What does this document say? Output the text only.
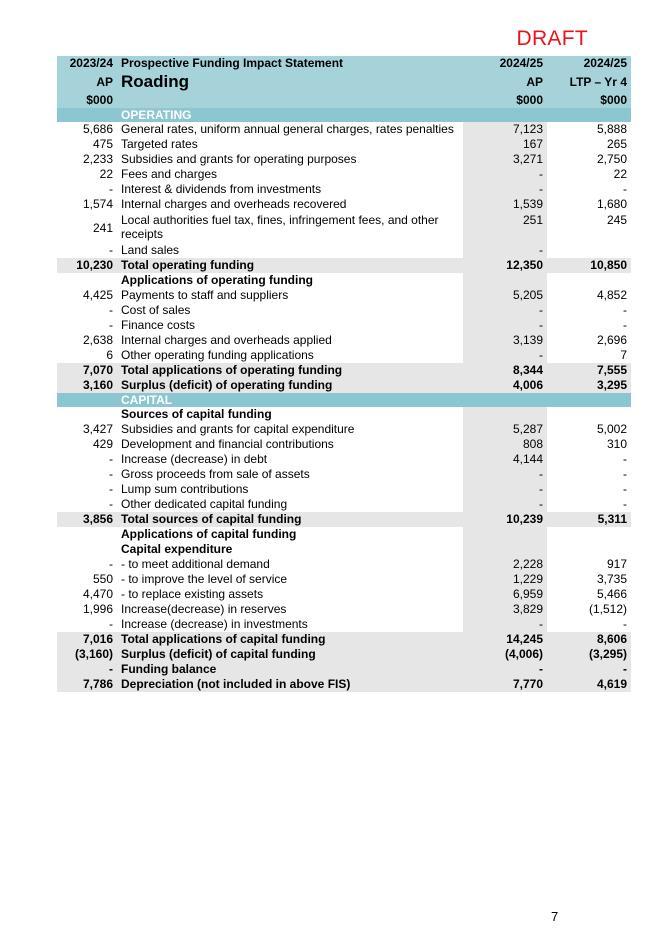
DRAFT
2023/24	Prospective Funding Impact Statement	2024/25	2024/25
AP	Roading	AP	LTP – Yr 4
$000		$000	$000
	OPERATING		
5,686	General rates, uniform annual general charges, rates penalties	7,123	5,888
475	Targeted rates	167	265
2,233	Subsidies and grants for operating purposes	3,271	2,750
22	Fees and charges	-	22
-	Interest & dividends from investments	-	-
1,574	Internal charges and overheads recovered	1,539	1,680
241	Local authorities fuel tax, fines, infringement fees, and other receipts	251	245
-	Land sales	-	
10,230	Total operating funding	12,350	10,850
	Applications of operating funding		
4,425	Payments to staff and suppliers	5,205	4,852
-	Cost of sales	-	-
-	Finance costs	-	-
2,638	Internal charges and overheads applied	3,139	2,696
6	Other operating funding applications	-	7
7,070	Total applications of operating funding	8,344	7,555
3,160	Surplus (deficit) of operating funding	4,006	3,295
	CAPITAL		
	Sources of capital funding		
3,427	Subsidies and grants for capital expenditure	5,287	5,002
429	Development and financial contributions	808	310
-	Increase (decrease) in debt	4,144	-
-	Gross proceeds from sale of assets	-	-
-	Lump sum contributions	-	-
-	Other dedicated capital funding	-	-
3,856	Total sources of capital funding	10,239	5,311
	Applications of capital funding		
	Capital expenditure		
-	- to meet additional demand	2,228	917
550	- to improve the level of service	1,229	3,735
4,470	- to replace existing assets	6,959	5,466
1,996	Increase(decrease) in reserves	3,829	(1,512)
-	Increase (decrease) in investments	-	-
7,016	Total applications of capital funding	14,245	8,606
(3,160)	Surplus (deficit) of capital funding	(4,006)	(3,295)
-	Funding balance	-	-
7,786	Depreciation (not included in above FIS)	7,770	4,619
7
